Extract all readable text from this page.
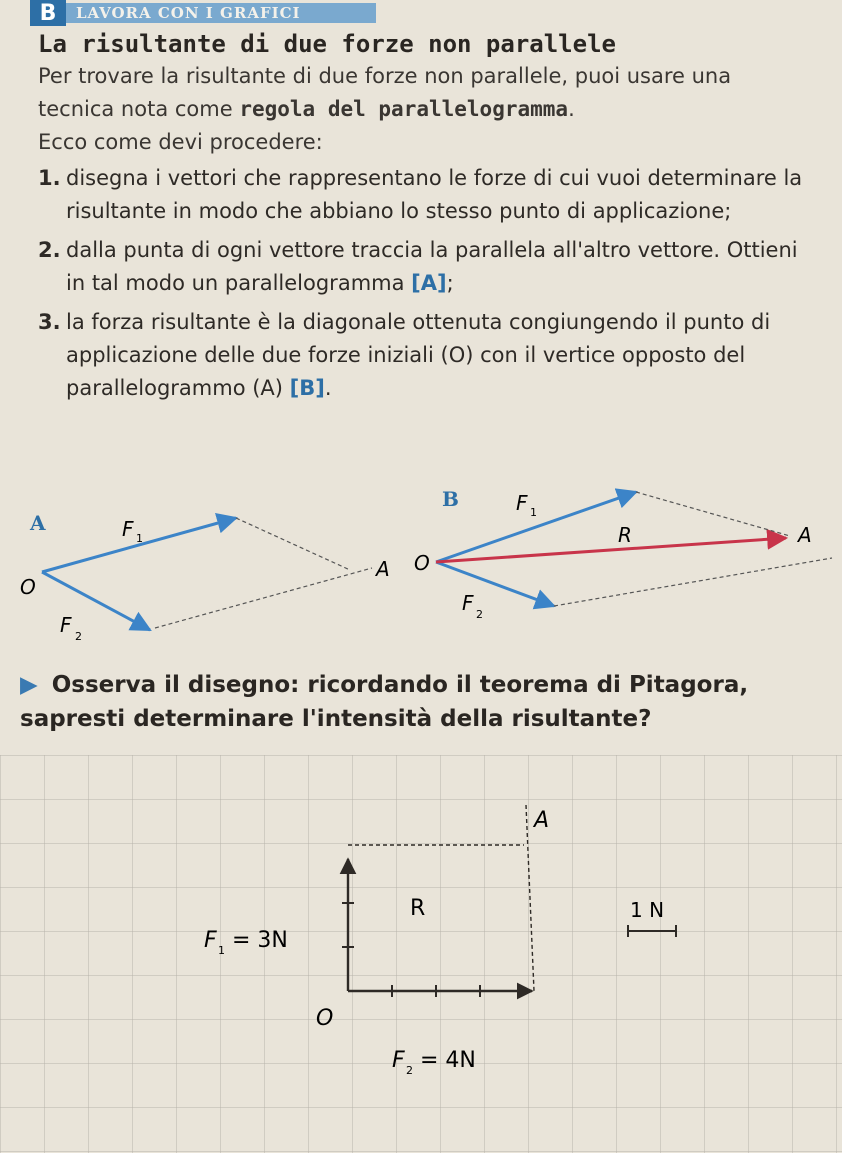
B	LAVORA CON I GRAFICI
La risultante di due forze non parallele
Per trovare la risultante di due forze non parallele, puoi usare una tecnica nota come regola del parallelogramma.
Ecco come devi procedere:
1. disegna i vettori che rappresentano le forze di cui vuoi determinare la risultante in modo che abbiano lo stesso punto di applicazione;
2. dalla punta di ogni vettore traccia la parallela all'altro vettore. Ottieni in tal modo un parallelogramma [A];
3. la forza risultante è la diagonale ottenuta congiungendo il punto di applicazione delle due forze iniziali (O) con il vertice opposto del parallelogrammo (A) [B].
A	F 1
F 2
O
A
B	F 1
F 2
R
O
A
▶ Osserva il disegno: ricordando il teorema di Pitagora, sapresti determinare l'intensità della risultante?
A
R
O
1 N
F 1 = 3N
F 2 = 4N
